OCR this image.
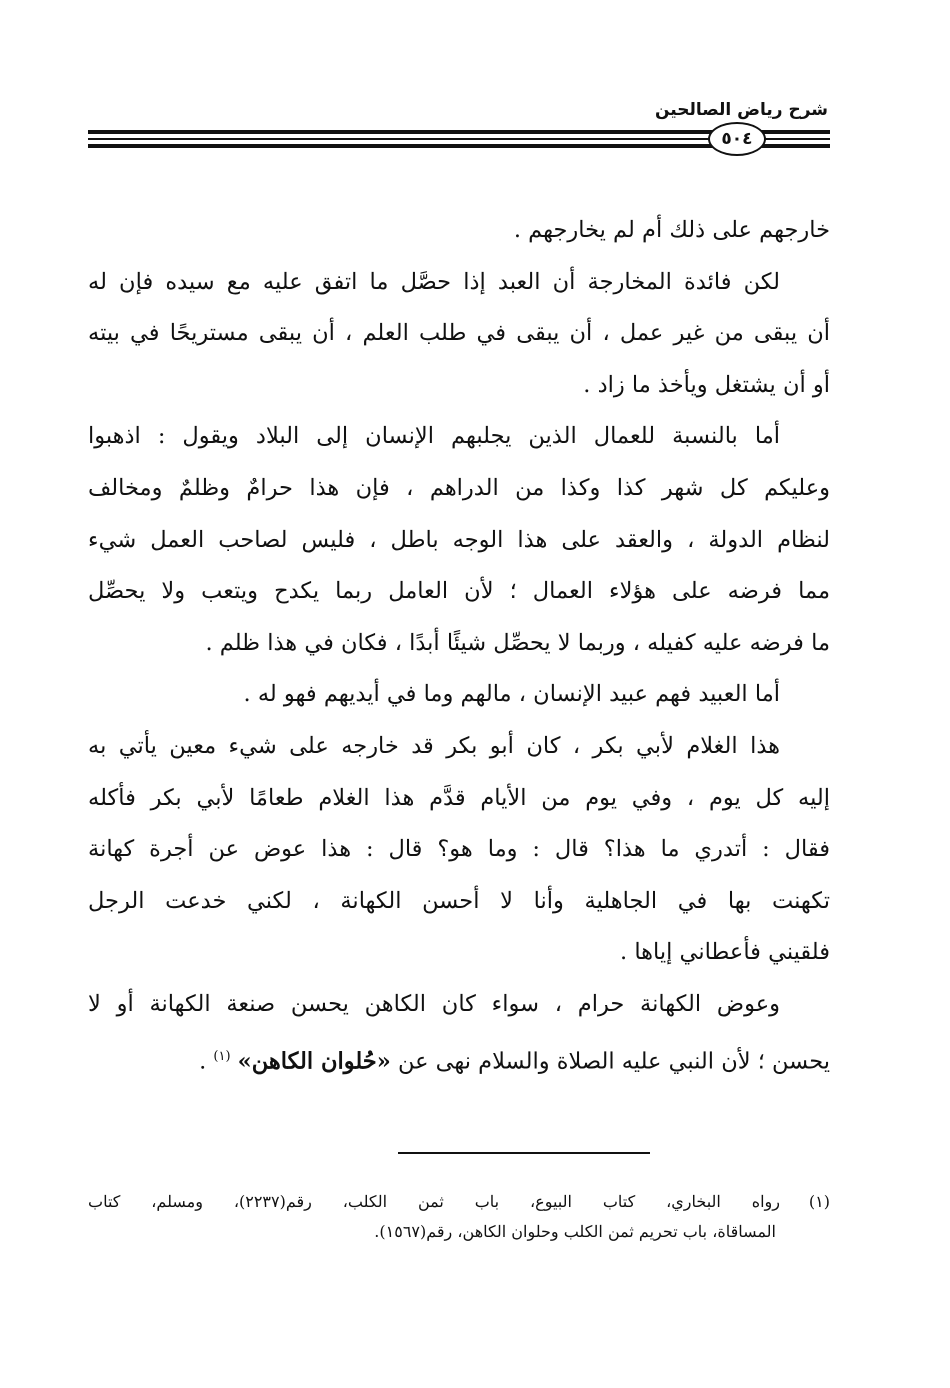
شرح رياض الصالحين
٥٠٤
خارجهم على ذلك أم لم يخارجهم .
لكن فائدة المخارجة أن العبد إذا حصَّل ما اتفق عليه مع سيده فإن له
أن يبقى من غير عمل ، أن يبقى في طلب العلم ، أن يبقى مستريحًا في بيته
أو أن يشتغل ويأخذ ما زاد .
أما بالنسبة للعمال الذين يجلبهم الإنسان إلى البلاد ويقول : اذهبوا
وعليكم كل شهر كذا وكذا من الدراهم ، فإن هذا حرامٌ وظلمٌ ومخالف
لنظام الدولة ، والعقد على هذا الوجه باطل ، فليس لصاحب العمل شيء
مما فرضه على هؤلاء العمال ؛ لأن العامل ربما يكدح ويتعب ولا يحصِّل
ما فرضه عليه كفيله ، وربما لا يحصِّل شيئًا أبدًا ، فكان في هذا ظلم .
أما العبيد فهم عبيد الإنسان ، مالهم وما في أيديهم فهو له .
هذا الغلام لأبي بكر ، كان أبو بكر قد خارجه على شيء معين يأتي به
إليه كل يوم ، وفي يوم من الأيام قدَّم هذا الغلام طعامًا لأبي بكر فأكله
فقال : أتدري ما هذا؟ قال : وما هو؟ قال : هذا عوض عن أجرة كهانة
تكهنت بها في الجاهلية وأنا لا أحسن الكهانة ، لكني خدعت الرجل
فلقيني فأعطاني إياها .
وعوض الكهانة حرام ، سواء كان الكاهن يحسن صنعة الكهانة أو لا
يحسن ؛ لأن النبي عليه الصلاة والسلام نهى عن «حُلوان الكاهن» $^{(١)}$ .
(١)رواه البخاري، كتاب البيوع، باب ثمن الكلب، رقم(٢٢٣٧)، ومسلم، كتاب
المساقاة، باب تحريم ثمن الكلب وحلوان الكاهن، رقم(١٥٦٧).
